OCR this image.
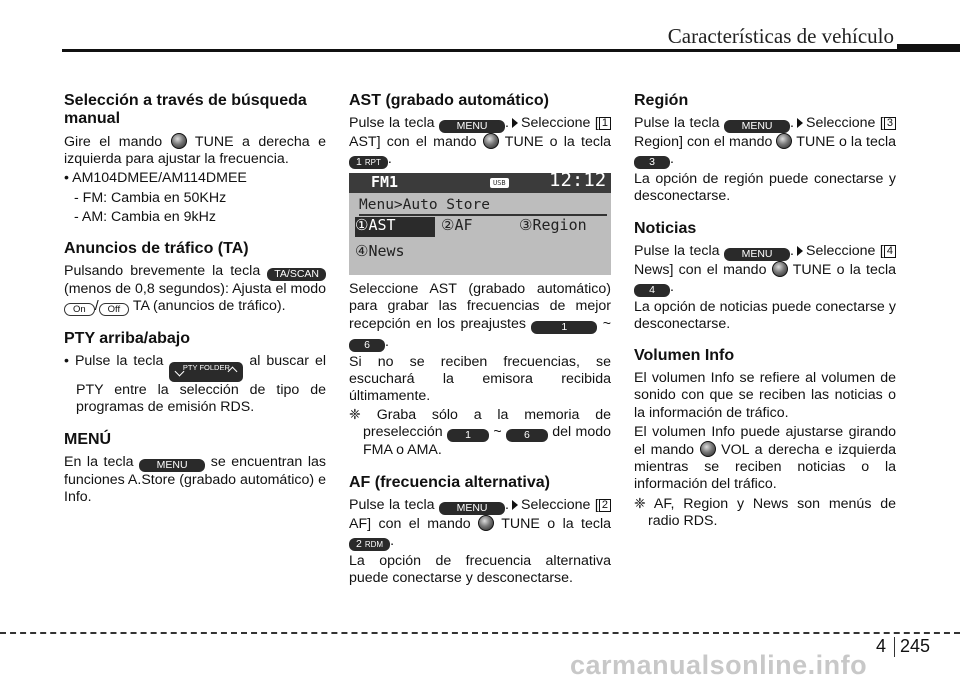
Características de vehículo
Selección a través de búsqueda manual

Gire el mando TUNE a derecha e izquierda para ajustar la frecuencia.

• AM104DMEE/AM114DMEE

- FM: Cambia en 50KHz

- AM: Cambia en 9kHz

Anuncios de tráfico (TA)

Pulsando brevemente la tecla TA/SCAN (menos de 0,8 segundos): Ajusta el modo On / Off TA (anuncios de tráfico).

PTY arriba/abajo

• Pulse la tecla	PTY FOLDER	al buscar el PTY entre la selección de tipo de programas de emisión RDS.

MENÚ

En la tecla MENU se encuentran las funciones A.Store (grabado automático) e Info.

AST (grabado automático)

Pulse la tecla MENU . Seleccione [ 1 AST] con el mando TUNE o la tecla 1 RPT .

FM1	USB 12:12
Menu>Auto Store
①AST	②AF	③Region
④News

Seleccione AST (grabado automático) para grabar las frecuencias de mejor recepción en los preajustes	1 ~ 6 .

Si no se reciben frecuencias, se escuchará la emisora recibida últimamente.

❈ Graba sólo a la memoria de preselección 1 ~ 6 del modo FMA o AMA.

AF (frecuencia alternativa)

Pulse la tecla MENU . Seleccione [ 2 AF] con el mando TUNE o la tecla 2 RDM .

La opción de frecuencia alternativa puede conectarse y desconectarse.

Región

Pulse la tecla MENU . Seleccione [ 3 Region] con el mando TUNE o la tecla 3 .

La opción de región puede conectarse y desconectarse.

Noticias

Pulse la tecla MENU . Seleccione [ 4 News] con el mando TUNE o la tecla 4 .

La opción de noticias puede conectarse y desconectarse.

Volumen Info

El volumen Info se refiere al volumen de sonido con que se reciben las noticias o la información de tráfico.

El volumen Info puede ajustarse girando el mando VOL a derecha e izquierda mientras se reciben noticias o la información del tráfico.

❈ AF, Region y News son menús de radio RDS.

4 245
carmanualsonline.info
